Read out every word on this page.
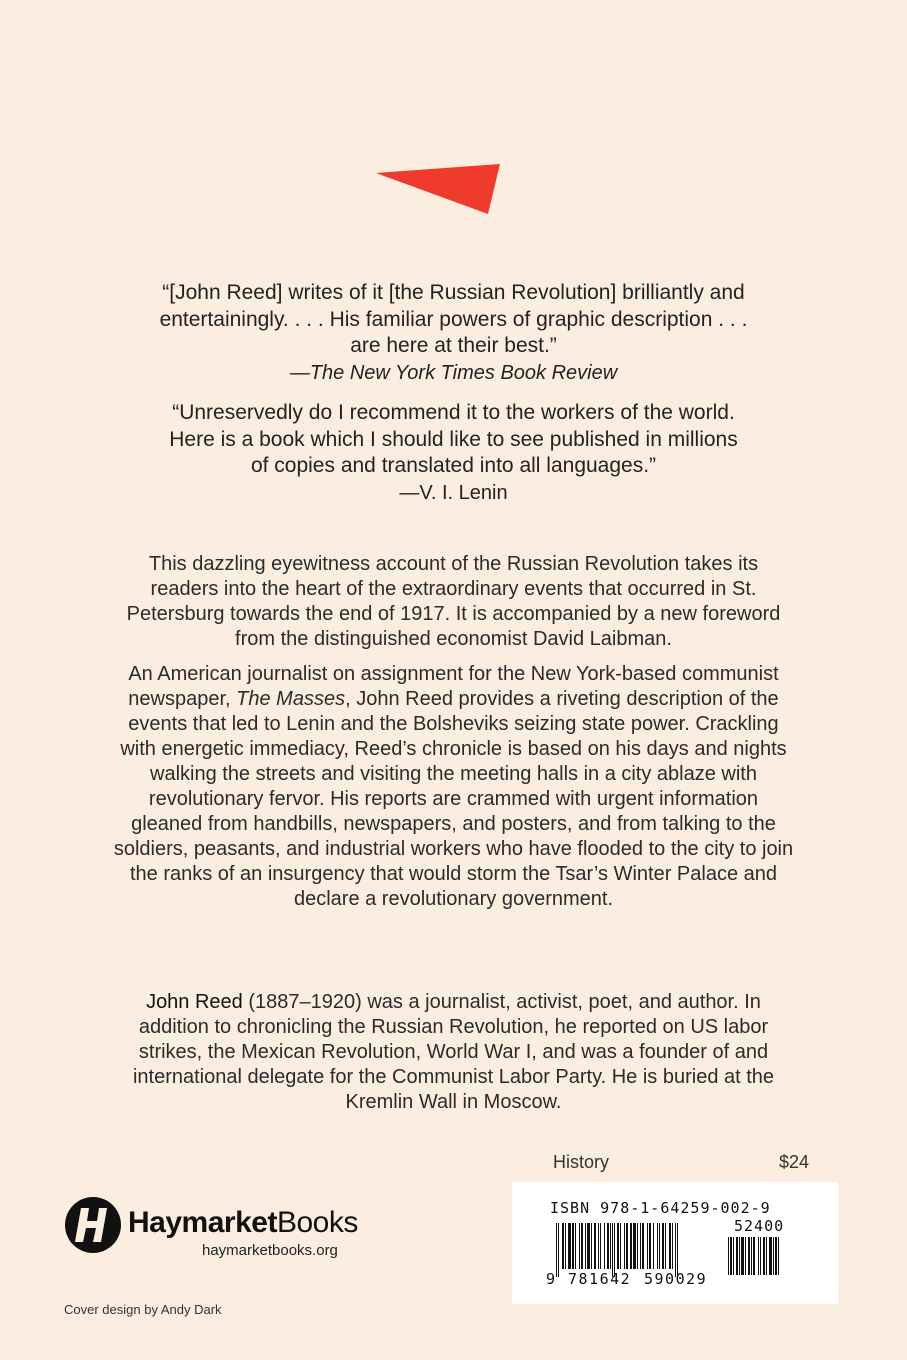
“[John Reed] writes of it [the Russian Revolution] brilliantly and

entertainingly. . . . His familiar powers of graphic description . . .

are here at their best.”

—The New York Times Book Review

“Unreservedly do I recommend it to the workers of the world.

Here is a book which I should like to see published in millions

of copies and translated into all languages.”

—V. I. Lenin

This dazzling eyewitness account of the Russian Revolution takes its readers into the heart of the extraordinary events that occurred in St. Petersburg towards the end of 1917. It is accompanied by a new foreword from the distinguished economist David Laibman.

An American journalist on assignment for the New York-based communist newspaper, The Masses, John Reed provides a riveting description of the events that led to Lenin and the Bolsheviks seizing state power. Crackling with energetic immediacy, Reed’s chronicle is based on his days and nights walking the streets and visiting the meeting halls in a city ablaze with revolutionary fervor. His reports are crammed with urgent information gleaned from handbills, newspapers, and posters, and from talking to the soldiers, peasants, and industrial workers who have flooded to the city to join the ranks of an insurgency that would storm the Tsar’s Winter Palace and declare a revolutionary government.

John Reed (1887–1920) was a journalist, activist, poet, and author. In addition to chronicling the Russian Revolution, he reported on US labor strikes, the Mexican Revolution, World War I, and was a founder of and international delegate for the Communist Labor Party. He is buried at the Kremlin Wall in Moscow.

History	$24
HaymarketBooks
haymarketbooks.org
Cover design by Andy Dark
ISBN 978-1-64259-002-9
52400
9 781642 590029
